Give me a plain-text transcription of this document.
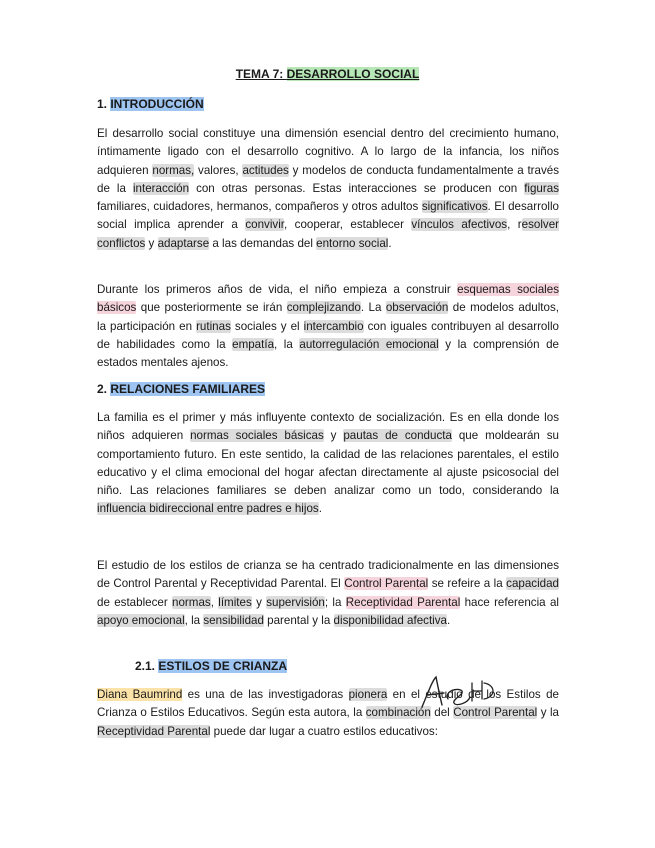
TEMA 7: DESARROLLO SOCIAL
1. INTRODUCCIÓN

El desarrollo social constituye una dimensión esencial dentro del crecimiento humano, íntimamente ligado con el desarrollo cognitivo. A lo largo de la infancia, los niños adquieren normas, valores, actitudes y modelos de conducta fundamentalmente a través de la interacción con otras personas. Estas interacciones se producen con figuras familiares, cuidadores, hermanos, compañeros y otros adultos significativos. El desarrollo social implica aprender a convivir, cooperar, establecer vínculos afectivos, resolver conflictos y adaptarse a las demandas del entorno social.

Durante los primeros años de vida, el niño empieza a construir esquemas sociales básicos que posteriormente se irán complejizando. La observación de modelos adultos, la participación en rutinas sociales y el intercambio con iguales contribuyen al desarrollo de habilidades como la empatía, la autorregulación emocional y la comprensión de estados mentales ajenos.

2. RELACIONES FAMILIARES

La familia es el primer y más influyente contexto de socialización. Es en ella donde los niños adquieren normas sociales básicas y pautas de conducta que moldearán su comportamiento futuro. En este sentido, la calidad de las relaciones parentales, el estilo educativo y el clima emocional del hogar afectan directamente al ajuste psicosocial del niño. Las relaciones familiares se deben analizar como un todo, considerando la influencia bidireccional entre padres e hijos.

El estudio de los estilos de crianza se ha centrado tradicionalmente en las dimensiones de Control Parental y Receptividad Parental. El Control Parental se refeire a la capacidad de establecer normas, límites y supervisión; la Receptividad Parental hace referencia al apoyo emocional, la sensibilidad parental y la disponibilidad afectiva.

2.1. ESTILOS DE CRIANZA

Diana Baumrind es una de las investigadoras pionera en el estudio de los Estilos de Crianza o Estilos Educativos. Según esta autora, la combinación del Control Parental y la Receptividad Parental puede dar lugar a cuatro estilos educativos:
